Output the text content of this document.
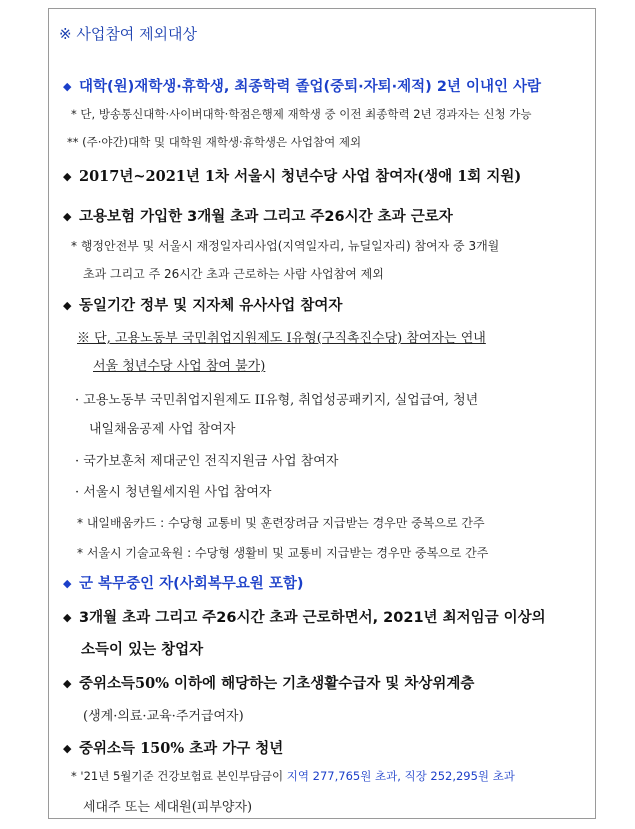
※ 사업참여 제외대상
◆ 대학(원)재학생·휴학생, 최종학력 졸업(중퇴·자퇴·제적) 2년 이내인 사람
* 단, 방송통신대학·사이버대학·학점은행제 재학생 중 이전 최종학력 2년 경과자는 신청 가능
** (주·야간)대학 및 대학원 재학생·휴학생은 사업참여 제외
◆ 2017년~2021년 1차 서울시 청년수당 사업 참여자(생애 1회 지원)
◆ 고용보험 가입한 3개월 초과 그리고 주26시간 초과 근로자
* 행정안전부 및 서울시 재정일자리사업(지역일자리, 뉴딜일자리) 참여자 중 3개월
초과 그리고 주 26시간 초과 근로하는 사람 사업참여 제외
◆ 동일기간 정부 및 지자체 유사사업 참여자
※ 단, 고용노동부 국민취업지원제도 I유형(구직촉진수당) 참여자는 연내
서울 청년수당 사업 참여 불가)
· 고용노동부 국민취업지원제도 II유형, 취업성공패키지, 실업급여, 청년
내일채움공제 사업 참여자
· 국가보훈처 제대군인 전직지원금 사업 참여자
· 서울시 청년월세지원 사업 참여자
* 내일배움카드 : 수당형 교통비 및 훈련장려금 지급받는 경우만 중복으로 간주
* 서울시 기술교육원 : 수당형 생활비 및 교통비 지급받는 경우만 중복으로 간주
◆ 군 복무중인 자(사회복무요원 포함)
◆ 3개월 초과 그리고 주26시간 초과 근로하면서, 2021년 최저임금 이상의
소득이 있는 창업자
◆ 중위소득50% 이하에 해당하는 기초생활수급자 및 차상위계층
(생계·의료·교육·주거급여자)
◆ 중위소득 150% 초과 가구 청년
* '21년 5월기준 건강보험료 본인부담금이 지역 277,765원 초과, 직장 252,295원 초과
세대주 또는 세대원(피부양자)
